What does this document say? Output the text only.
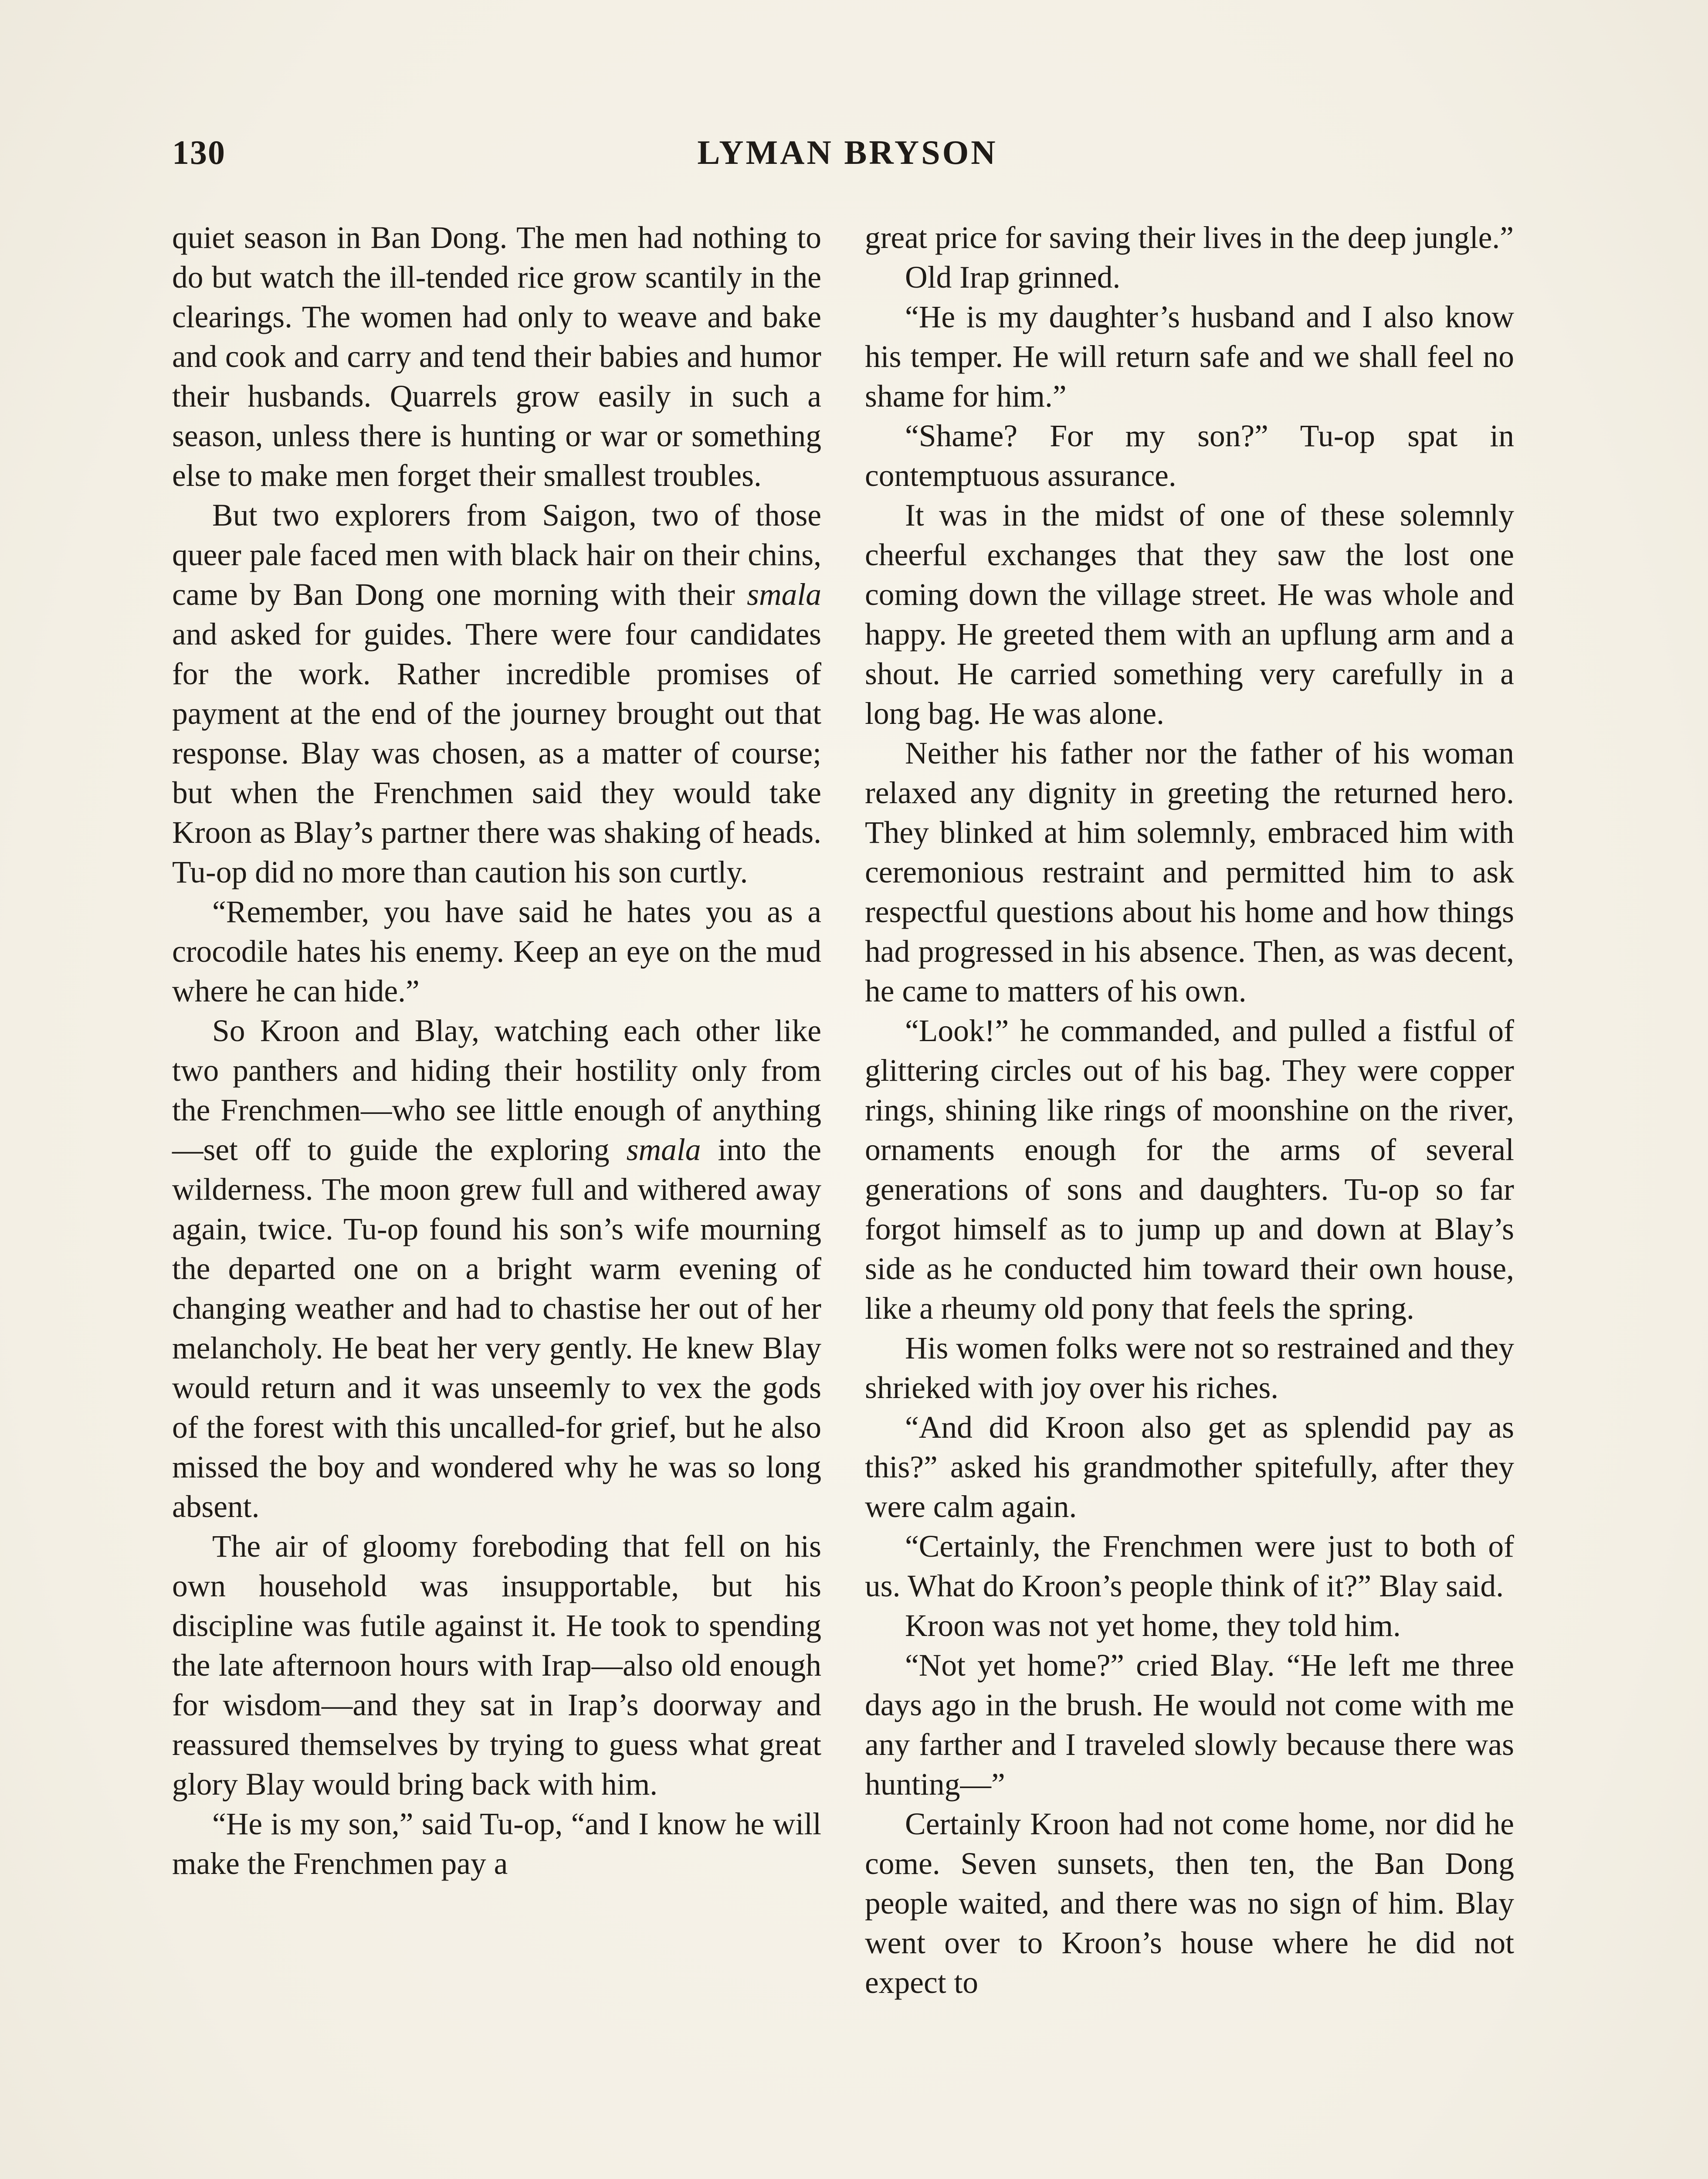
130	LYMAN BRYSON

quiet season in Ban Dong. The men had nothing to do but watch the ill-tended rice grow scantily in the clearings. The women had only to weave and bake and cook and carry and tend their babies and humor their husbands. Quarrels grow easily in such a season, unless there is hunting or war or something else to make men forget their smallest troubles.

But two explorers from Saigon, two of those queer pale faced men with black hair on their chins, came by Ban Dong one morning with their smala and asked for guides. There were four candidates for the work. Rather incredible promises of payment at the end of the journey brought out that response. Blay was chosen, as a matter of course; but when the Frenchmen said they would take Kroon as Blay’s partner there was shaking of heads. Tu-op did no more than caution his son curtly.

“Remember, you have said he hates you as a crocodile hates his enemy. Keep an eye on the mud where he can hide.”

So Kroon and Blay, watching each other like two panthers and hiding their hostility only from the Frenchmen—who see little enough of anything—set off to guide the exploring smala into the wilderness. The moon grew full and withered away again, twice. Tu-op found his son’s wife mourning the departed one on a bright warm evening of changing weather and had to chastise her out of her melancholy. He beat her very gently. He knew Blay would return and it was unseemly to vex the gods of the forest with this uncalled-for grief, but he also missed the boy and wondered why he was so long absent.

The air of gloomy foreboding that fell on his own household was insupportable, but his discipline was futile against it. He took to spending the late afternoon hours with Irap—also old enough for wisdom—and they sat in Irap’s doorway and reassured themselves by trying to guess what great glory Blay would bring back with him.

“He is my son,” said Tu-op, “and I know he will make the Frenchmen pay a

great price for saving their lives in the deep jungle.”

Old Irap grinned.

“He is my daughter’s husband and I also know his temper. He will return safe and we shall feel no shame for him.”

“Shame? For my son?” Tu-op spat in contemptuous assurance.

It was in the midst of one of these solemnly cheerful exchanges that they saw the lost one coming down the village street. He was whole and happy. He greeted them with an upflung arm and a shout. He carried something very carefully in a long bag. He was alone.

Neither his father nor the father of his woman relaxed any dignity in greeting the returned hero. They blinked at him solemnly, embraced him with ceremonious restraint and permitted him to ask respectful questions about his home and how things had progressed in his absence. Then, as was decent, he came to matters of his own.

“Look!” he commanded, and pulled a fistful of glittering circles out of his bag. They were copper rings, shining like rings of moonshine on the river, ornaments enough for the arms of several generations of sons and daughters. Tu-op so far forgot himself as to jump up and down at Blay’s side as he conducted him toward their own house, like a rheumy old pony that feels the spring.

His women folks were not so restrained and they shrieked with joy over his riches.

“And did Kroon also get as splendid pay as this?” asked his grandmother spitefully, after they were calm again.

“Certainly, the Frenchmen were just to both of us. What do Kroon’s people think of it?” Blay said.

Kroon was not yet home, they told him.

“Not yet home?” cried Blay. “He left me three days ago in the brush. He would not come with me any farther and I traveled slowly because there was hunting—”

Certainly Kroon had not come home, nor did he come. Seven sunsets, then ten, the Ban Dong people waited, and there was no sign of him. Blay went over to Kroon’s house where he did not expect to
